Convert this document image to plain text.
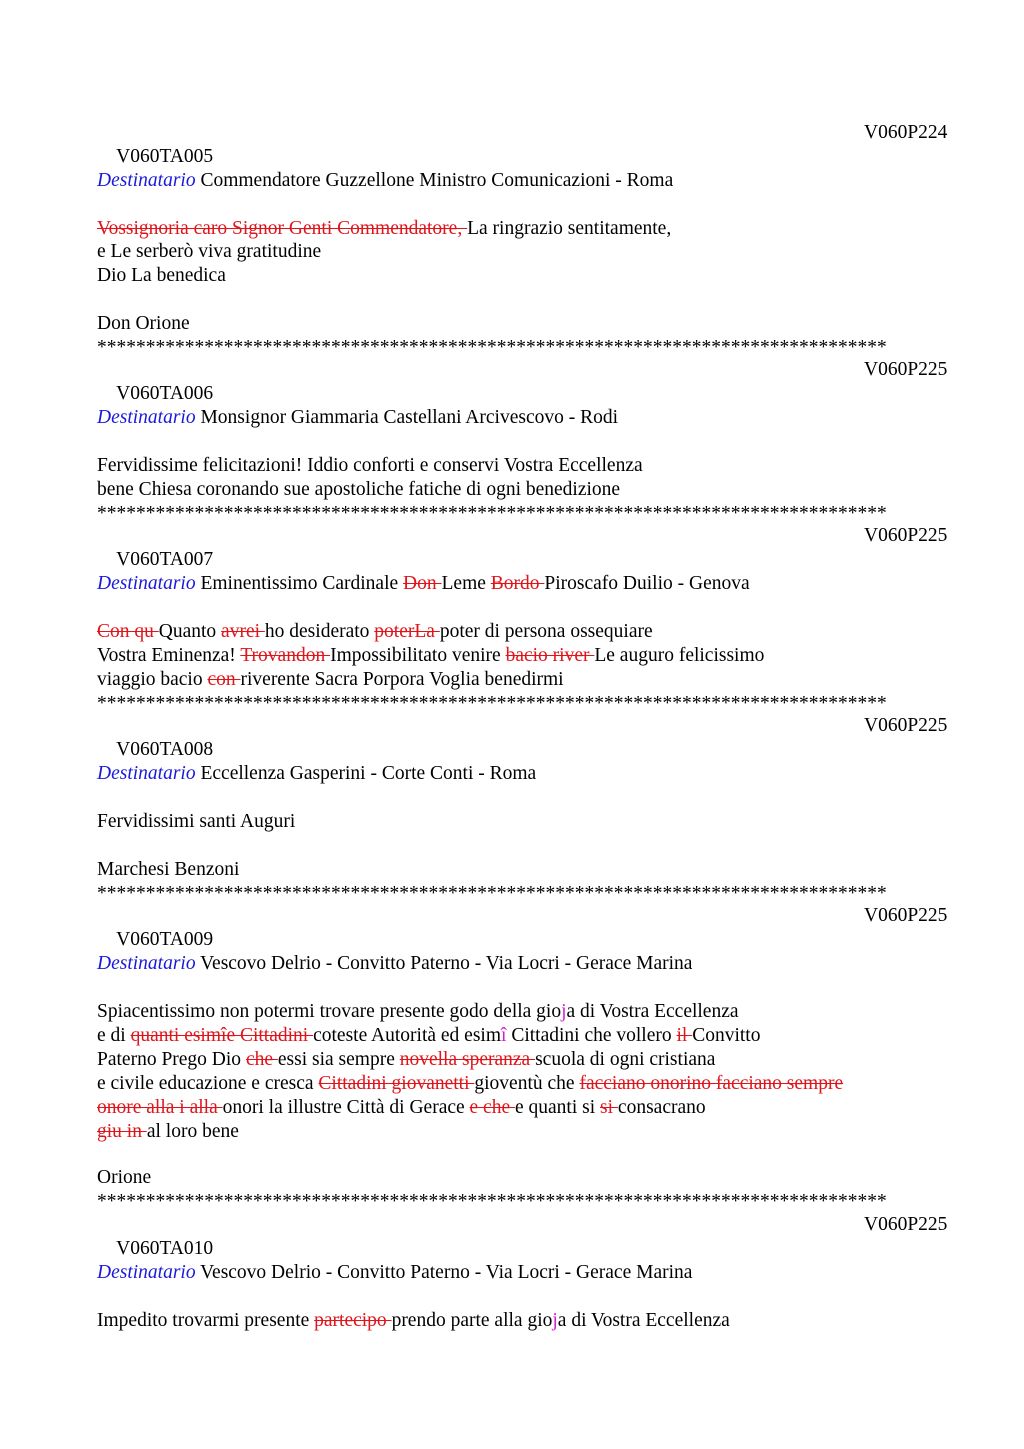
V060TA005

V060P224

Destinatario Commendatore Guzzellone Ministro Comunicazioni - Roma
Vossignoria caro Signor Genti Commendatore, La ringrazio sentitamente,
e Le serberò viva gratitudine
Dio La benedica
Don Orione
*********************************************************************************

V060TA006

V060P225

Destinatario Monsignor Giammaria Castellani Arcivescovo - Rodi
Fervidissime felicitazioni! Iddio conforti e conservi Vostra Eccellenza
bene Chiesa coronando sue apostoliche fatiche di ogni benedizione
*********************************************************************************

V060TA007

V060P225

Destinatario Eminentissimo Cardinale Don Leme Bordo Piroscafo Duilio - Genova
Con qu Quanto avrei ho desiderato poterLa poter di persona ossequiare
Vostra Eminenza! Trovandon Impossibilitato venire bacio river Le auguro felicissimo
viaggio bacio con riverente Sacra Porpora Voglia benedirmi
*********************************************************************************

V060TA008

V060P225

Destinatario Eccellenza Gasperini - Corte Conti - Roma
Fervidissimi santi Auguri
Marchesi Benzoni
*********************************************************************************

V060TA009

V060P225

Destinatario Vescovo Delrio - Convitto Paterno - Via Locri - Gerace Marina
Spiacentissimo non potermi trovare presente godo della gioja di Vostra Eccellenza
e di quanti esimîe Cittadini coteste Autorità ed esimî Cittadini che vollero il Convitto
Paterno Prego Dio che essi sia sempre novella speranza scuola di ogni cristiana
e civile educazione e cresca Cittadini giovanetti gioventù che facciano onorino facciano sempre
onore alla i alla onori la illustre Città di Gerace e che e quanti si si consacrano
giu in al loro bene
Orione
*********************************************************************************

V060TA010

V060P225

Destinatario Vescovo Delrio - Convitto Paterno - Via Locri - Gerace Marina
Impedito trovarmi presente partecipo prendo parte alla gioja di Vostra Eccellenza
